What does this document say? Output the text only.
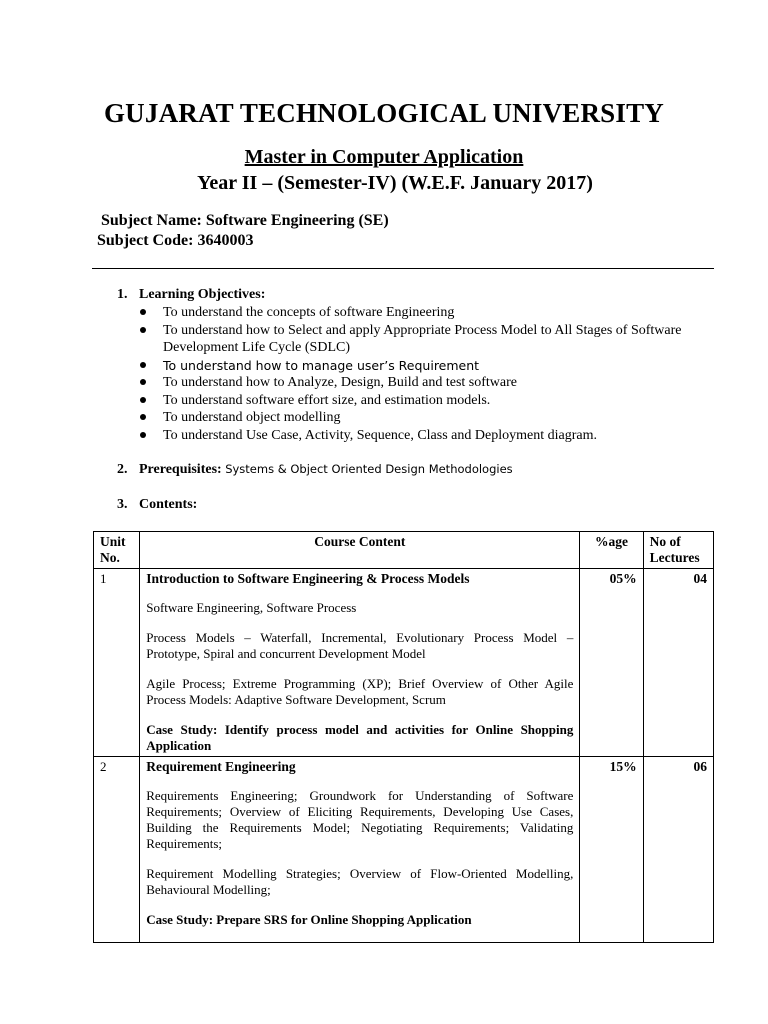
GUJARAT TECHNOLOGICAL UNIVERSITY
Master in Computer Application
Year II – (Semester-IV) (W.E.F. January 2017)
Subject Name: Software Engineering (SE)
Subject Code: 3640003
1. Learning Objectives:
To understand the concepts of software Engineering
To understand how to Select and apply Appropriate Process Model to All Stages of Software Development Life Cycle (SDLC)
To understand how to manage user’s Requirement
To understand how to Analyze, Design, Build and test software
To understand software effort size, and estimation models.
To understand object modelling
To understand Use Case, Activity, Sequence, Class and Deployment diagram.
2. Prerequisites: Systems & Object Oriented Design Methodologies
3. Contents:
Unit No.	Course Content	%age	No of Lectures
1	Introduction to Software Engineering & Process Models
Software Engineering, Software Process
Process Models – Waterfall, Incremental, Evolutionary Process Model – Prototype, Spiral and concurrent Development Model
Agile Process; Extreme Programming (XP); Brief Overview of Other Agile Process Models: Adaptive Software Development, Scrum
Case Study: Identify process model and activities for Online Shopping Application	05%	04
2	Requirement Engineering
Requirements Engineering; Groundwork for Understanding of Software Requirements; Overview of Eliciting Requirements, Developing Use Cases, Building the Requirements Model; Negotiating Requirements; Validating Requirements;
Requirement Modelling Strategies; Overview of Flow-Oriented Modelling, Behavioural Modelling;
Case Study: Prepare SRS for Online Shopping Application	15%	06
